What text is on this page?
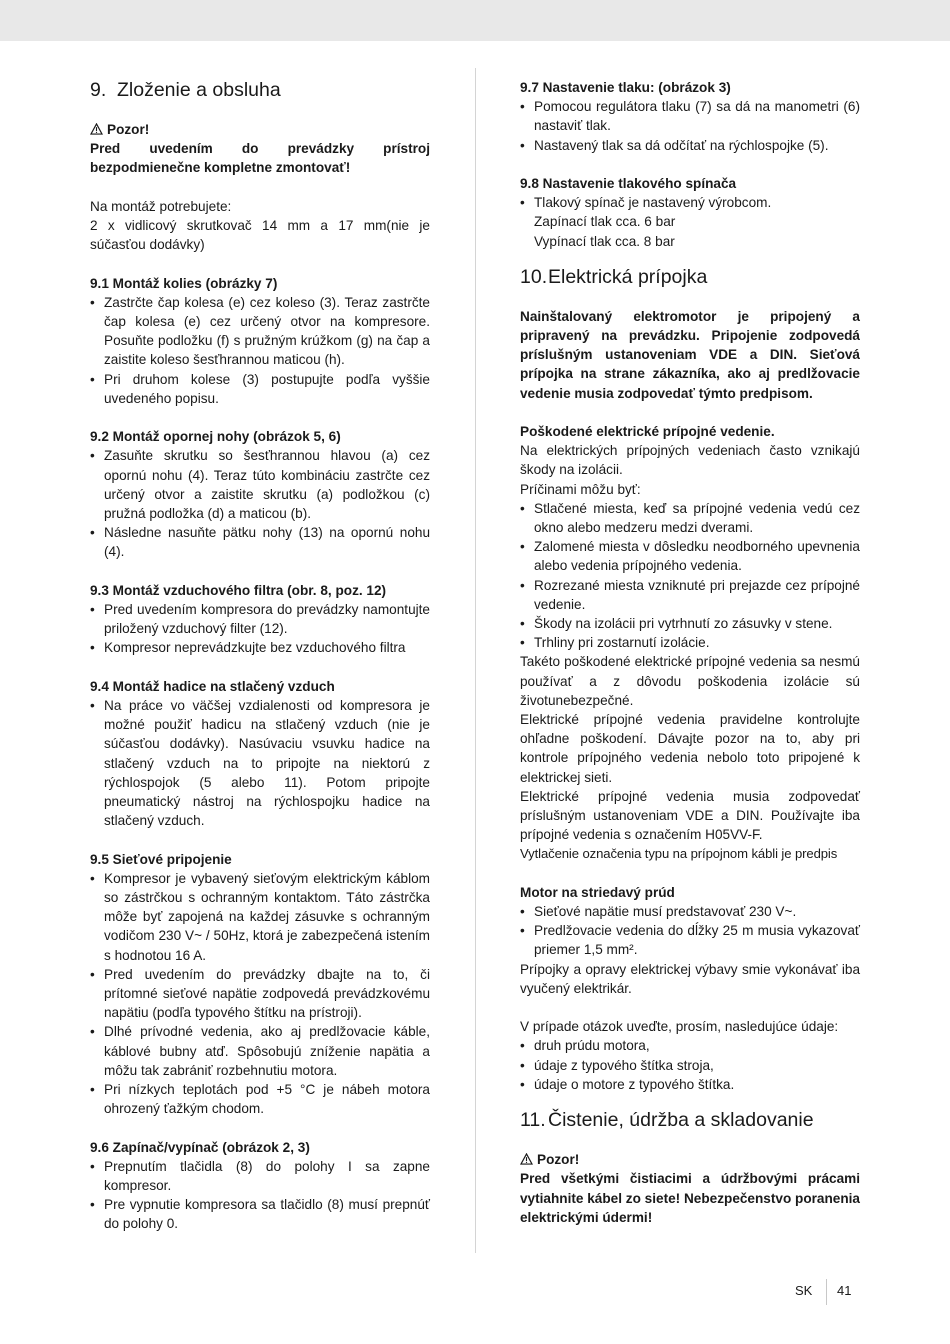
9. Zloženie a obsluha
Pozor!

Pred uvedením do prevádzky prístroj bezpodmienečne kompletne zmontovať!

Na montáž potrebujete:

2 x vidlicový skrutkovač 14 mm a 17 mm(nie je súčasťou dodávky)

9.1 Montáž kolies (obrázky 7)
• Zastrčte čap kolesa (e) cez koleso (3). Teraz zastrčte čap kolesa (e) cez určený otvor na kompresore. Posuňte podložku (f) s pružným krúžkom (g) na čap a zaistite koleso šesťhrannou maticou (h).
• Pri druhom kolese (3) postupujte podľa vyššie uvedeného popisu.
9.2 Montáž opornej nohy (obrázok 5, 6)
• Zasuňte skrutku so šesťhrannou hlavou (a) cez opornú nohu (4). Teraz túto kombináciu zastrčte cez určený otvor a zaistite skrutku (a) podložkou (c) pružná podložka (d) a maticou (b).
• Následne nasuňte pätku nohy (13) na opornú nohu (4).
9.3 Montáž vzduchového filtra (obr. 8, poz. 12)
• Pred uvedením kompresora do prevádzky namontujte priložený vzduchový filter (12).
• Kompresor neprevádzkujte bez vzduchového filtra
9.4 Montáž hadice na stlačený vzduch
• Na práce vo väčšej vzdialenosti od kompresora je možné použiť hadicu na stlačený vzduch (nie je súčasťou dodávky). Nasúvaciu vsuvku hadice na stlačený vzduch na to pripojte na niektorú z rýchlospojok (5 alebo 11). Potom pripojte pneumatický nástroj na rýchlospojku hadice na stlačený vzduch.
9.5 Sieťové pripojenie
• Kompresor je vybavený sieťovým elektrickým káblom so zástrčkou s ochranným kontaktom. Táto zástrčka môže byť zapojená na každej zásuvke s ochranným vodičom 230 V~ / 50Hz, ktorá je zabezpečená istením s hodnotou 16 A.
• Pred uvedením do prevádzky dbajte na to, či prítomné sieťové napätie zodpovedá prevádzkovému napätiu (podľa typového štítku na prístroji).
• Dlhé prívodné vedenia, ako aj predlžovacie káble, káblové bubny atď. Spôsobujú zníženie napätia a môžu tak zabrániť rozbehnutiu motora.
• Pri nízkych teplotách pod +5 °C je nábeh motora ohrozený ťažkým chodom.
9.6 Zapínač/vypínač (obrázok 2, 3)
• Prepnutím tlačidla (8) do polohy I sa zapne kompresor.
• Pre vypnutie kompresora sa tlačidlo (8) musí prepnúť do polohy 0.
9.7 Nastavenie tlaku: (obrázok 3)
• Pomocou regulátora tlaku (7) sa dá na manometri (6) nastaviť tlak.
• Nastavený tlak sa dá odčítať na rýchlospojke (5).
9.8 Nastavenie tlakového spínača
• Tlakový spínač je nastavený výrobcom.
Zapínací tlak cca. 6 bar
Vypínací tlak cca. 8 bar
10. Elektrická prípojka

Nainštalovaný elektromotor je pripojený a pripravený na prevádzku. Pripojenie zodpovedá príslušným ustanoveniam VDE a DIN. Sieťová prípojka na strane zákazníka, ako aj predlžovacie vedenie musia zodpovedať týmto predpisom.

Poškodené elektrické prípojné vedenie.

Na elektrických prípojných vedeniach často vznikajú škody na izolácii.

Príčinami môžu byť:

• Stlačené miesta, keď sa prípojné vedenia vedú cez okno alebo medzeru medzi dverami.
• Zalomené miesta v dôsledku neodborného upevnenia alebo vedenia prípojného vedenia.
• Rozrezané miesta vzniknuté pri prejazde cez prípojné vedenie.
• Škody na izolácii pri vytrhnutí zo zásuvky v stene.
• Trhliny pri zostarnutí izolácie.

Takéto poškodené elektrické prípojné vedenia sa nesmú používať a z dôvodu poškodenia izolácie sú životunebezpečné.

Elektrické prípojné vedenia pravidelne kontrolujte ohľadne poškodení. Dávajte pozor na to, aby pri kontrole prípojného vedenia nebolo toto pripojené k elektrickej sieti.

Elektrické prípojné vedenia musia zodpovedať príslušným ustanoveniam VDE a DIN. Používajte iba prípojné vedenia s označením H05VV-F.

Vytlačenie označenia typu na prípojnom kábli je predpis

Motor na striedavý prúd
• Sieťové napätie musí predstavovať 230 V~.
• Predlžovacie vedenia do dĺžky 25 m musia vykazovať priemer 1,5 mm².

Prípojky a opravy elektrickej výbavy smie vykonávať iba vyučený elektrikár.

V prípade otázok uveďte, prosím, nasledujúce údaje:

• druh prúdu motora,
• údaje z typového štítka stroja,
• údaje o motore z typového štítka.
11. Čistenie, údržba a skladovanie
Pozor!

Pred všetkými čistiacimi a údržbovými prácami vytiahnite kábel zo siete! Nebezpečenstvo poranenia elektrickými údermi!

SK 41
